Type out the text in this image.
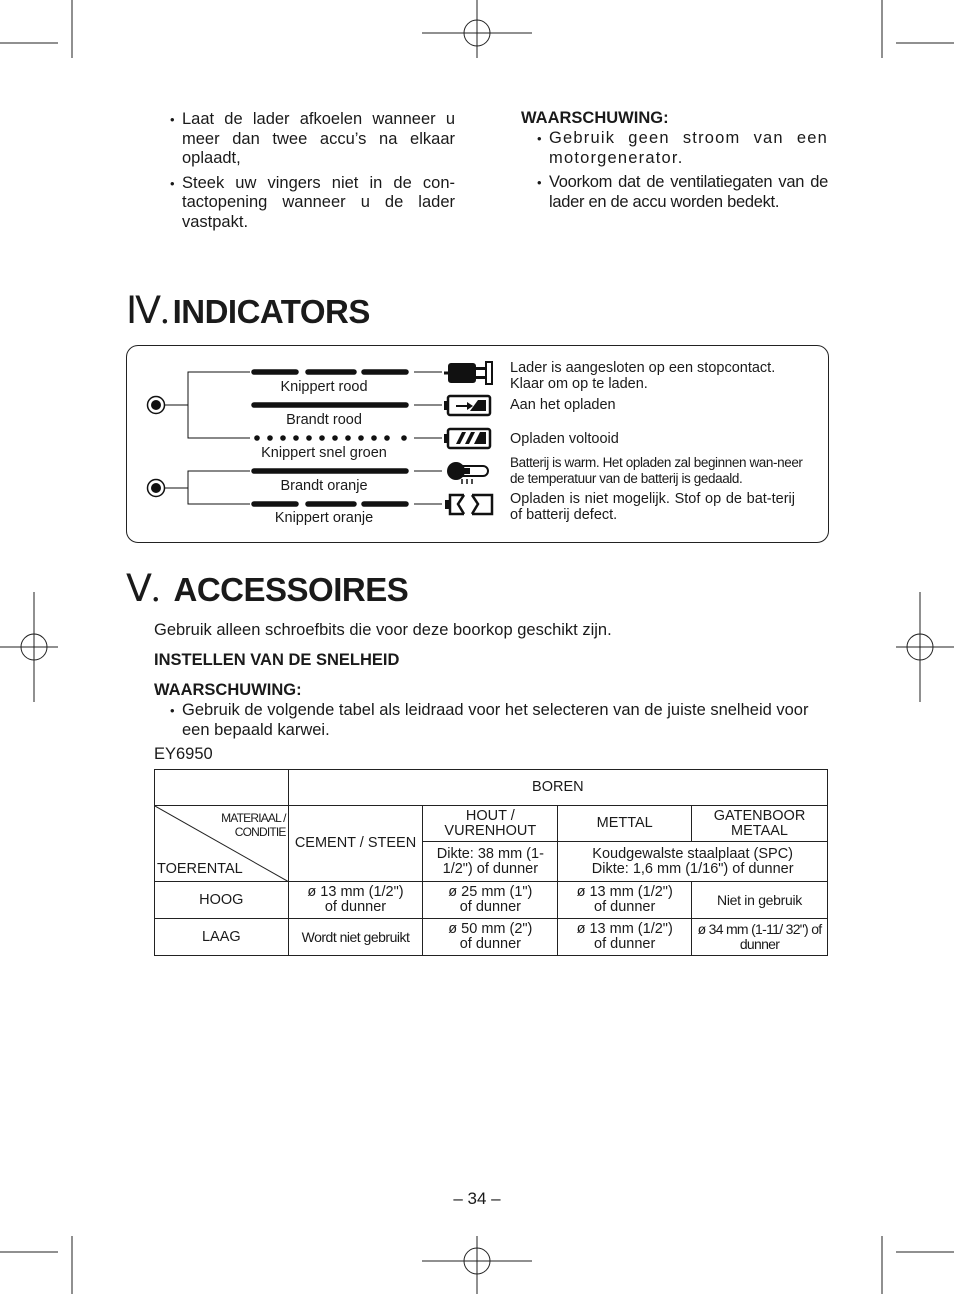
• Laat de lader afkoelen wanneer u meer dan twee accu’s na elkaar oplaadt,
• Steek uw vingers niet in de con-tactopening wanneer u de lader vastpakt.
WAARSCHUWING:
• Gebruik geen stroom van een motorgenerator.
• Voorkom dat de ventilatiegaten van de lader en de accu worden bedekt.
Ⅳ. INDICATORS
Knippert rood
Brandt rood
Knippert snel groen
Brandt oranje
Knippert oranje
Lader is aangesloten op een stopcontact. Klaar om op te laden.
Aan het opladen
Opladen voltooid
Batterij is warm. Het opladen zal beginnen wan-neer de temperatuur van de batterij is gedaald.
Opladen is niet mogelijk. Stof op de bat-terij of batterij defect.
Ⅴ. ACCESSOIRES
Gebruik alleen schroefbits die voor deze boorkop geschikt zijn.
INSTELLEN VAN DE SNELHEID
WAARSCHUWING:
• Gebruik de volgende tabel als leidraad voor het selecteren van de juiste snelheid voor een bepaald karwei.
EY6950
	BOREN			

MATERIAAL / CONDITIE
TOERENTAL	CEMENT / STEEN	HOUT / VURENHOUT	METTAL	GATENBOOR METAAL
		Dikte: 38 mm (1-1/2") of dunner	Koudgewalste staalplaat (SPC) Dikte: 1,6 mm (1/16") of dunner	
HOOG	ø 13 mm (1/2") of dunner	ø 25 mm (1") of dunner	ø 13 mm (1/2") of dunner	Niet in gebruik
LAAG	Wordt niet gebruikt	ø 50 mm (2") of dunner	ø 13 mm (1/2") of dunner	ø 34 mm (1-11/ 32") of dunner
– 34 –
